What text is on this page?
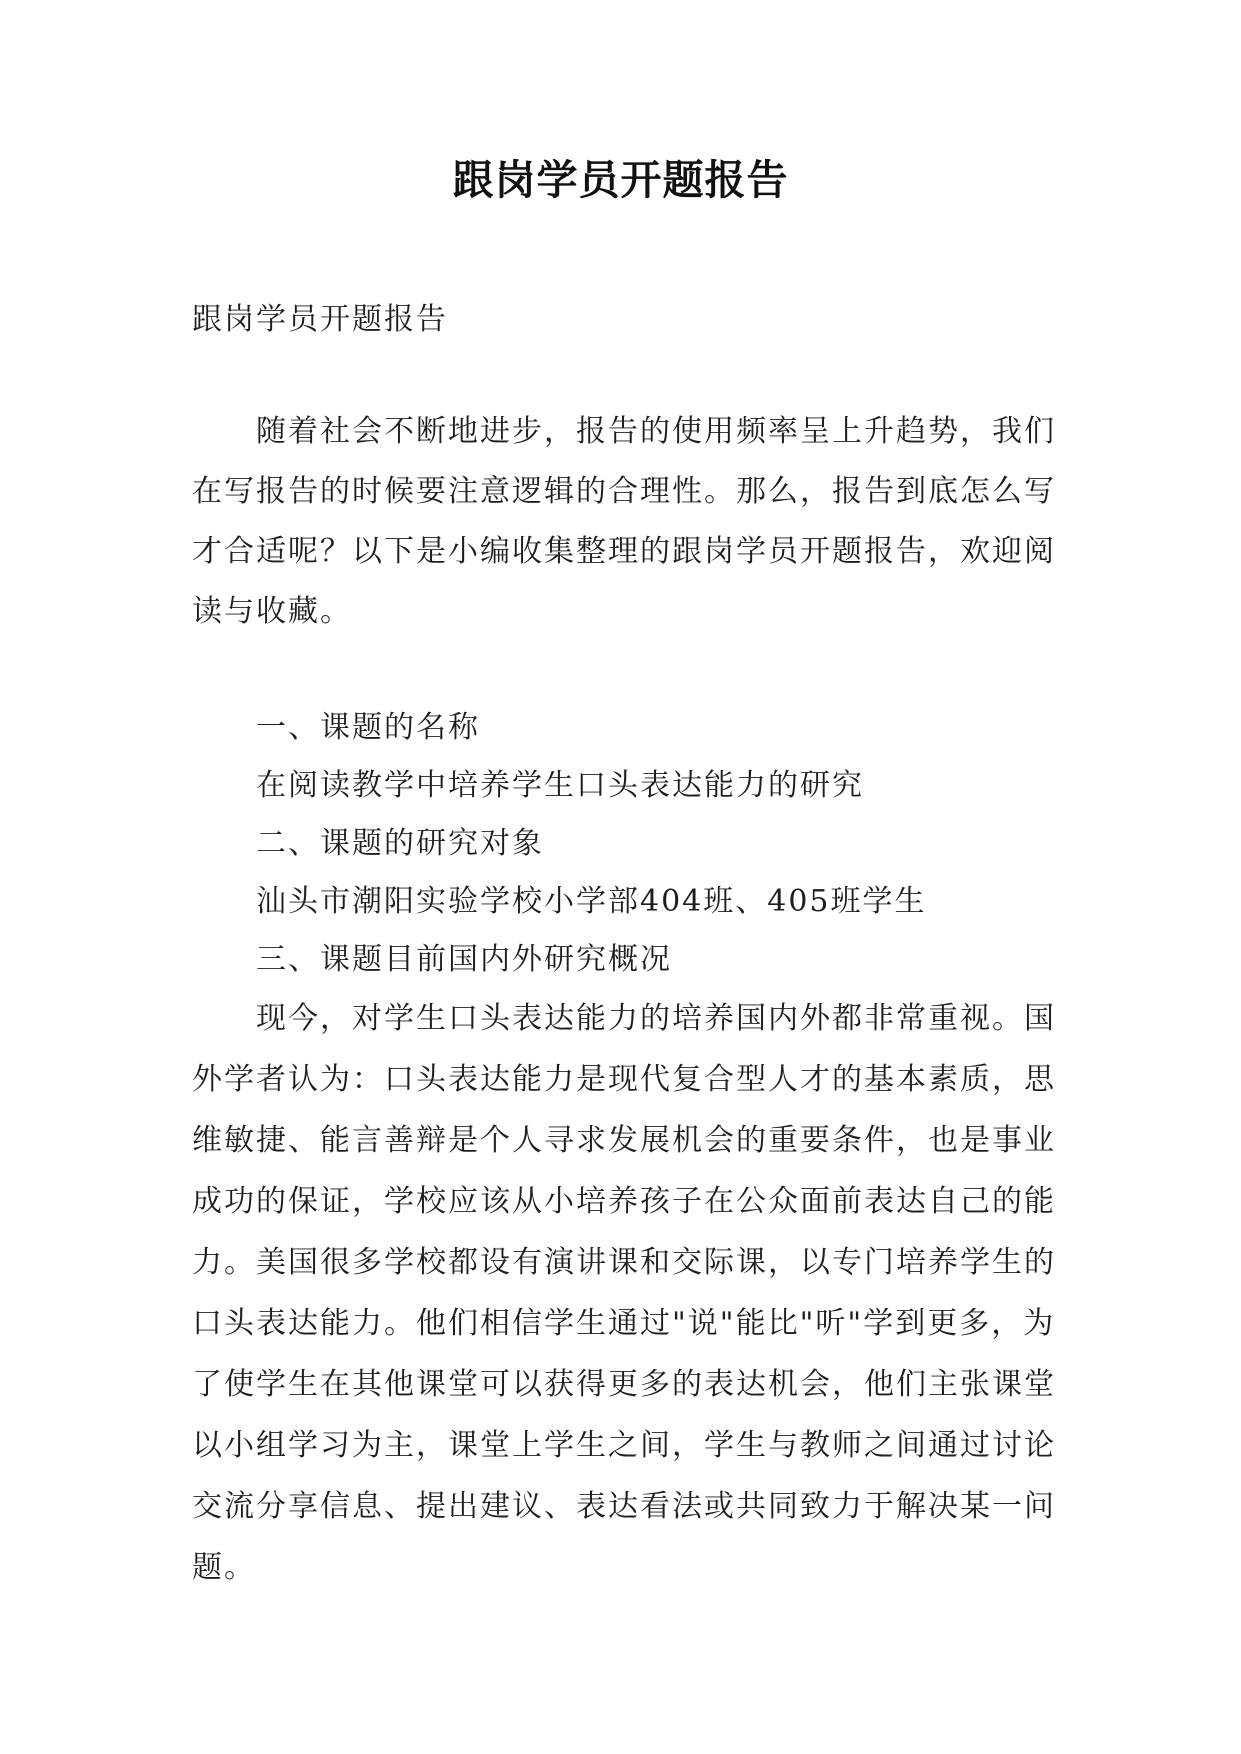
跟岗学员开题报告

跟岗学员开题报告

随着社会不断地进步，报告的使用频率呈上升趋势，我们在写报告的时候要注意逻辑的合理性。那么，报告到底怎么写才合适呢？以下是小编收集整理的跟岗学员开题报告，欢迎阅读与收藏。

一、课题的名称
在阅读教学中培养学生口头表达能力的研究
二、课题的研究对象
汕头市潮阳实验学校小学部404班、405班学生
三、课题目前国内外研究概况

现今，对学生口头表达能力的培养国内外都非常重视。国外学者认为：口头表达能力是现代复合型人才的基本素质，思维敏捷、能言善辩是个人寻求发展机会的重要条件，也是事业成功的保证，学校应该从小培养孩子在公众面前表达自己的能力。美国很多学校都设有演讲课和交际课，以专门培养学生的口头表达能力。他们相信学生通过"说"能比"听"学到更多，为了使学生在其他课堂可以获得更多的表达机会，他们主张课堂以小组学习为主，课堂上学生之间，学生与教师之间通过讨论交流分享信息、提出建议、表达看法或共同致力于解决某一问题。
